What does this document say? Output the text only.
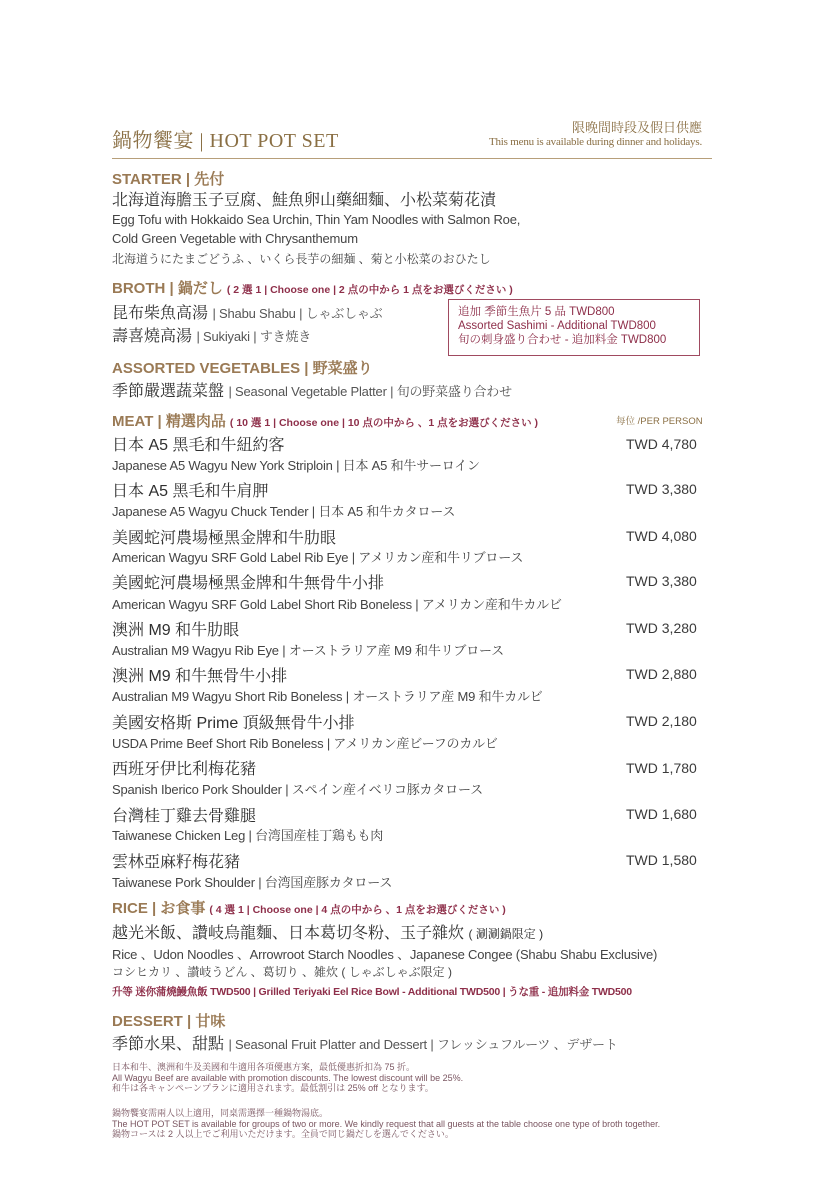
鍋物饗宴 | HOT POT SET
限晚間時段及假日供應
This menu is available during dinner and holidays.
STARTER | 先付
北海道海膽玉子豆腐、鮭魚卵山藥細麵、小松菜菊花漬
Egg Tofu with Hokkaido Sea Urchin, Thin Yam Noodles with Salmon Roe,
Cold Green Vegetable with Chrysanthemum
北海道うにたまごどうふ 、いくら長芋の細麺 、菊と小松菜のおひたし
BROTH | 鍋だし ( 2 選 1 | Choose one | 2 点の中から 1 点をお選びください )
昆布柴魚高湯 | Shabu Shabu | しゃぶしゃぶ
壽喜燒高湯 | Sukiyaki | すき焼き
追加 季節生魚片 5 品 TWD800
Assorted Sashimi - Additional TWD800
旬の刺身盛り合わせ - 追加料金 TWD800
ASSORTED VEGETABLES | 野菜盛り
季節嚴選蔬菜盤 | Seasonal Vegetable Platter | 旬の野菜盛り合わせ
MEAT | 精選肉品 ( 10 選 1 | Choose one | 10 点の中から 、1 点をお選びください )	每位 /PER PERSON
日本 A5 黑毛和牛紐約客
Japanese A5 Wagyu New York Striploin | 日本 A5 和牛サーロイン
TWD 4,780
日本 A5 黑毛和牛肩胛
Japanese A5 Wagyu Chuck Tender | 日本 A5 和牛カタロース
TWD 3,380
美國蛇河農場極黑金牌和牛肋眼
American Wagyu SRF Gold Label Rib Eye | アメリカン産和牛リブロース
TWD 4,080
美國蛇河農場極黑金牌和牛無骨牛小排
American Wagyu SRF Gold Label Short Rib Boneless | アメリカン産和牛カルビ
TWD 3,380
澳洲 M9 和牛肋眼
Australian M9 Wagyu Rib Eye | オーストラリア産 M9 和牛リブロース
TWD 3,280
澳洲 M9 和牛無骨牛小排
Australian M9 Wagyu Short Rib Boneless | オーストラリア産 M9 和牛カルビ
TWD 2,880
美國安格斯 Prime 頂級無骨牛小排
USDA Prime Beef Short Rib Boneless | アメリカン産ビーフのカルビ
TWD 2,180
西班牙伊比利梅花豬
Spanish Iberico Pork Shoulder | スペイン産イベリコ豚カタロース
TWD 1,780
台灣桂丁雞去骨雞腿
Taiwanese Chicken Leg | 台湾国産桂丁鶏もも肉
TWD 1,680
雲林亞麻籽梅花豬
Taiwanese Pork Shoulder | 台湾国産豚カタロース
TWD 1,580
RICE | お食事 ( 4 選 1 | Choose one | 4 点の中から 、1 点をお選びください )
越光米飯、讚岐烏龍麵、日本葛切冬粉、玉子雜炊 ( 涮涮鍋限定 )
Rice 、Udon Noodles 、Arrowroot Starch Noodles 、Japanese Congee (Shabu Shabu Exclusive)
コシヒカリ 、讃岐うどん 、葛切り 、雑炊 ( しゃぶしゃぶ限定 )
升等 迷你蒲燒鰻魚飯 TWD500 | Grilled Teriyaki Eel Rice Bowl - Additional TWD500 | うな重 - 追加料金 TWD500
DESSERT | 甘味
季節水果、甜點 | Seasonal Fruit Platter and Dessert | フレッシュフルーツ 、デザート
日本和牛、澳洲和牛及美國和牛適用各項優惠方案，最低優惠折扣為 75 折。
All Wagyu Beef are available with promotion discounts. The lowest discount will be 25%.
和牛は各キャンペーンプランに適用されます。最低割引は 25% off となります。
鍋物饗宴需兩人以上適用，同桌需選擇一種鍋物湯底。
The HOT POT SET is available for groups of two or more. We kindly request that all guests at the table choose one type of broth together.
鍋物コースは 2 人以上でご利用いただけます。全員で同じ鍋だしを選んでください。
